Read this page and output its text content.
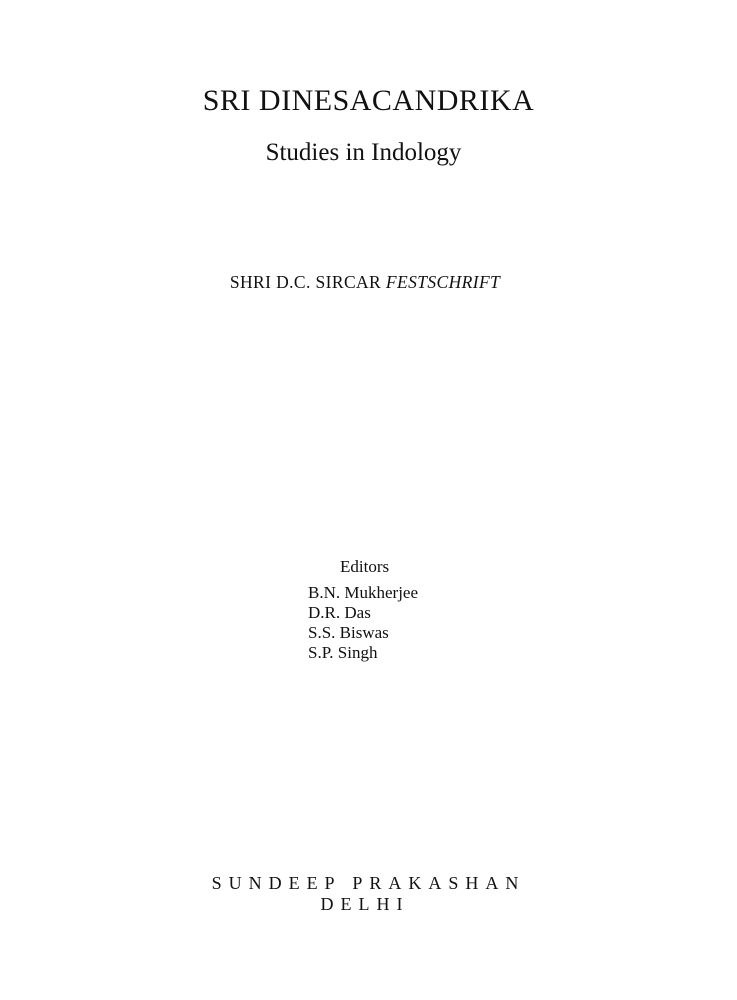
SRI DINESACANDRIKA
Studies in Indology
SHRI D.C. SIRCAR FESTSCHRIFT
Editors
B.N. Mukherjee
D.R. Das
S.S. Biswas
S.P. Singh
SUNDEEP PRAKASHAN
DELHI
